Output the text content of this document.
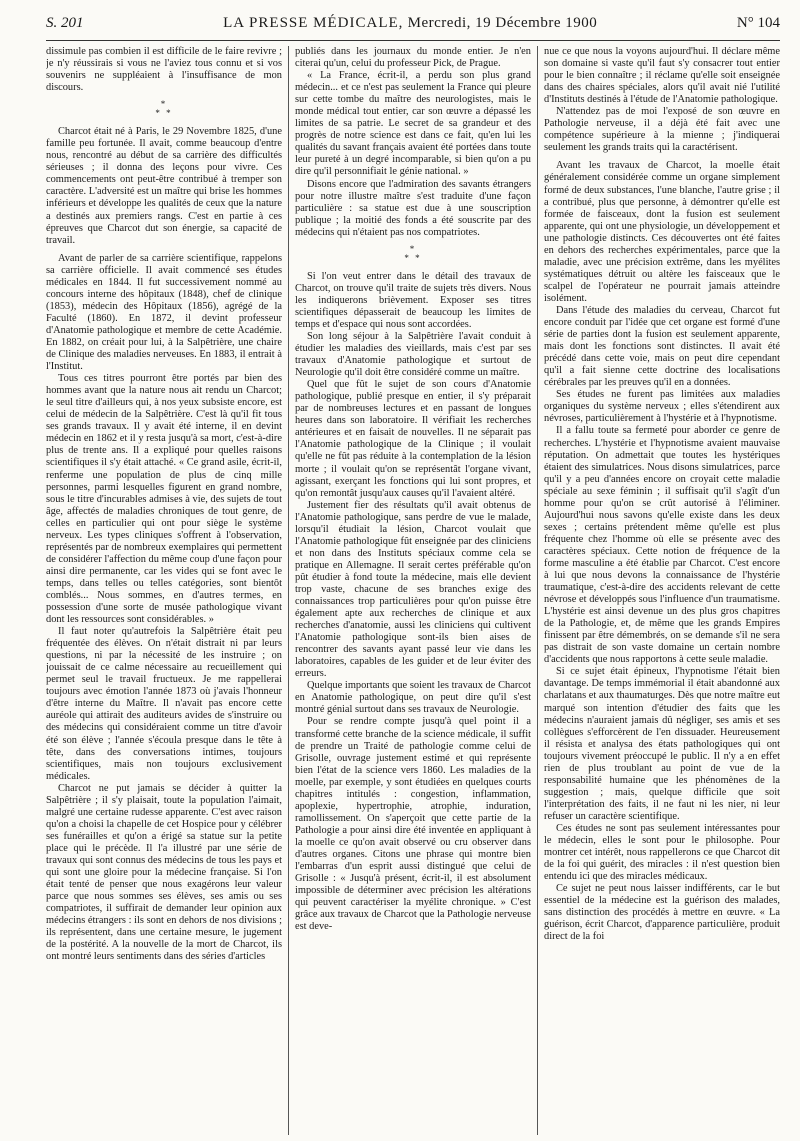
S. 201	LA PRESSE MÉDICALE, Mercredi, 19 Décembre 1900	N° 104

dissimule pas combien il est difficile de le faire revivre ; je n'y réussirais si vous ne l'aviez tous connu et si vos souvenirs ne suppléaient à l'insuffisance de mon discours.

*
* *

Charcot était né à Paris, le 29 Novembre 1825, d'une famille peu fortunée. Il avait, comme beaucoup d'entre nous, rencontré au début de sa carrière des difficultés sérieuses ; il donna des leçons pour vivre. Ces commencements ont peut-être contribué à tremper son caractère. L'adversité est un maître qui brise les hommes inférieurs et développe les qualités de ceux que la nature a destinés aux premiers rangs. C'est en partie à ces épreuves que Charcot dut son énergie, sa capacité de travail.

Avant de parler de sa carrière scientifique, rappelons sa carrière officielle. Il avait commencé ses études médicales en 1844. Il fut successivement nommé au concours interne des hôpitaux (1848), chef de clinique (1853), médecin des Hôpitaux (1856), agrégé de la Faculté (1860). En 1872, il devint professeur d'Anatomie pathologique et membre de cette Académie. En 1882, on créait pour lui, à la Salpêtrière, une chaire de Clinique des maladies nerveuses. En 1883, il entrait à l'Institut.

Tous ces titres pourront être portés par bien des hommes avant que la nature nous ait rendu un Charcot; le seul titre d'ailleurs qui, à nos yeux subsiste encore, est celui de médecin de la Salpêtrière. C'est là qu'il fit tous ses grands travaux. Il y avait été interne, il en devint médecin en 1862 et il y resta jusqu'à sa mort, c'est-à-dire plus de trente ans. Il a expliqué pour quelles raisons scientifiques il s'y était attaché. « Ce grand asile, écrit-il, renferme une population de plus de cinq mille personnes, parmi lesquelles figurent en grand nombre, sous le titre d'incurables admises à vie, des sujets de tout âge, affectés de maladies chroniques de tout genre, de celles en particulier qui ont pour siège le système nerveux. Les types cliniques s'offrent à l'observation, représentés par de nombreux exemplaires qui permettent de considérer l'affection du même coup d'une façon pour ainsi dire permanente, car les vides qui se font avec le temps, dans telles ou telles catégories, sont bientôt comblés... Nous sommes, en d'autres termes, en possession d'une sorte de musée pathologique vivant dont les ressources sont considérables. »

Il faut noter qu'autrefois la Salpêtrière était peu fréquentée des élèves. On n'était distrait ni par leurs questions, ni par la nécessité de les instruire ; on jouissait de ce calme nécessaire au recueillement qui permet seul le travail fructueux. Je me rappellerai toujours avec émotion l'année 1873 où j'avais l'honneur d'être interne du Maître. Il n'avait pas encore cette auréole qui attirait des auditeurs avides de s'instruire ou des médecins qui considéraient comme un titre d'avoir été son élève ; l'année s'écoula presque dans le tête à tête, dans des conversations intimes, toujours scientifiques, mais non toujours exclusivement médicales.

Charcot ne put jamais se décider à quitter la Salpêtrière ; il s'y plaisait, toute la population l'aimait, malgré une certaine rudesse apparente. C'est avec raison qu'on a choisi la chapelle de cet Hospice pour y célébrer ses funérailles et qu'on a érigé sa statue sur la petite place qui le précède. Il l'a illustré par une série de travaux qui sont connus des médecins de tous les pays et qui sont une gloire pour la médecine française. Si l'on était tenté de penser que nous exagérons leur valeur parce que nous sommes ses élèves, ses amis ou ses compatriotes, il suffirait de demander leur opinion aux médecins étrangers : ils sont en dehors de nos divisions ; ils représentent, dans une certaine mesure, le jugement de la postérité. A la nouvelle de la mort de Charcot, ils ont montré leurs sentiments dans des séries d'articles

publiés dans les journaux du monde entier. Je n'en citerai qu'un, celui du professeur Pick, de Prague.

« La France, écrit-il, a perdu son plus grand médecin... et ce n'est pas seulement la France qui pleure sur cette tombe du maître des neurologistes, mais le monde médical tout entier, car son œuvre a dépassé les limites de sa patrie. Le secret de sa grandeur et des progrès de notre science est dans ce fait, qu'en lui les qualités du savant français avaient été portées dans toute leur pureté à un degré incomparable, si bien qu'on a pu dire qu'il personnifiait le génie national. »

Disons encore que l'admiration des savants étrangers pour notre illustre maître s'est traduite d'une façon particulière : sa statue est due à une souscription publique ; la moitié des fonds a été souscrite par des médecins qui n'étaient pas nos compatriotes.

*
* *

Si l'on veut entrer dans le détail des travaux de Charcot, on trouve qu'il traite de sujets très divers. Nous les indiquerons brièvement. Exposer ses titres scientifiques dépasserait de beaucoup les limites de temps et d'espace qui nous sont accordées.

Son long séjour à la Salpêtrière l'avait conduit à étudier les maladies des vieillards, mais c'est par ses travaux d'Anatomie pathologique et surtout de Neurologie qu'il doit être considéré comme un maître.

Quel que fût le sujet de son cours d'Anatomie pathologique, publié presque en entier, il s'y préparait par de nombreuses lectures et en passant de longues heures dans son laboratoire. Il vérifiait les recherches antérieures et en faisait de nouvelles. Il ne séparait pas l'Anatomie pathologique de la Clinique ; il voulait qu'elle ne fût pas réduite à la contemplation de la lésion morte ; il voulait qu'on se représentât l'organe vivant, agissant, exerçant les fonctions qui lui sont propres, et qu'on remontât jusqu'aux causes qu'il l'avaient altéré.

Justement fier des résultats qu'il avait obtenus de l'Anatomie pathologique, sans perdre de vue le malade, lorsqu'il étudiait la lésion, Charcot voulait que l'Anatomie pathologique fût enseignée par des cliniciens et non dans des Instituts spéciaux comme cela se pratique en Allemagne. Il serait certes préférable qu'on pût étudier à fond toute la médecine, mais elle devient trop vaste, chacune de ses branches exige des connaissances trop particulières pour qu'on puisse être également apte aux recherches de clinique et aux recherches d'anatomie, aussi les cliniciens qui cultivent l'Anatomie pathologique sont-ils bien aises de rencontrer des savants ayant passé leur vie dans les laboratoires, capables de les guider et de leur éviter des erreurs.

Quelque importants que soient les travaux de Charcot en Anatomie pathologique, on peut dire qu'il s'est montré génial surtout dans ses travaux de Neurologie.

Pour se rendre compte jusqu'à quel point il a transformé cette branche de la science médicale, il suffit de prendre un Traité de pathologie comme celui de Grisolle, ouvrage justement estimé et qui représente bien l'état de la science vers 1860. Les maladies de la moelle, par exemple, y sont étudiées en quelques courts chapitres intitulés : congestion, inflammation, apoplexie, hypertrophie, atrophie, induration, ramollissement. On s'aperçoit que cette partie de la Pathologie a pour ainsi dire été inventée en appliquant à la moelle ce qu'on avait observé ou cru observer dans d'autres organes. Citons une phrase qui montre bien l'embarras d'un esprit aussi distingué que celui de Grisolle : « Jusqu'à présent, écrit-il, il est absolument impossible de déterminer avec précision les altérations qui peuvent caractériser la myélite chronique. » C'est grâce aux travaux de Charcot que la Pathologie nerveuse est deve-

nue ce que nous la voyons aujourd'hui. Il déclare même son domaine si vaste qu'il faut s'y consacrer tout entier pour le bien connaître ; il réclame qu'elle soit enseignée dans des chaires spéciales, alors qu'il avait nié l'utilité d'Instituts destinés à l'étude de l'Anatomie pathologique.

N'attendez pas de moi l'exposé de son œuvre en Pathologie nerveuse, il a déjà été fait avec une compétence supérieure à la mienne ; j'indiquerai seulement les grands traits qui la caractérisent.

Avant les travaux de Charcot, la moelle était généralement considérée comme un organe simplement formé de deux substances, l'une blanche, l'autre grise ; il a contribué, plus que personne, à démontrer qu'elle est formée de faisceaux, dont la fusion est seulement apparente, qui ont une physiologie, un développement et une pathologie distincts. Ces découvertes ont été faites en dehors des recherches expérimentales, parce que la maladie, avec une précision extrême, dans les myélites systématiques détruit ou altère les faisceaux que le scalpel de l'opérateur ne pourrait jamais atteindre isolément.

Dans l'étude des maladies du cerveau, Charcot fut encore conduit par l'idée que cet organe est formé d'une série de parties dont la fusion est seulement apparente, mais dont les fonctions sont distinctes. Il avait été précédé dans cette voie, mais on peut dire cependant qu'il a fait sienne cette doctrine des localisations cérébrales par les preuves qu'il en a données.

Ses études ne furent pas limitées aux maladies organiques du système nerveux ; elles s'étendirent aux névroses, particulièrement à l'hystérie et à l'hypnotisme.

Il a fallu toute sa fermeté pour aborder ce genre de recherches. L'hystérie et l'hypnotisme avaient mauvaise réputation. On admettait que toutes les hystériques étaient des simulatrices. Nous disons simulatrices, parce qu'il y a peu d'années encore on croyait cette maladie spéciale au sexe féminin ; il suffisait qu'il s'agît d'un homme pour qu'on se crût autorisé à l'éliminer. Aujourd'hui nous savons qu'elle existe dans les deux sexes ; certains prétendent même qu'elle est plus fréquente chez l'homme où elle se présente avec des caractères spéciaux. Cette notion de fréquence de la forme masculine a été établie par Charcot. C'est encore à lui que nous devons la connaissance de l'hystérie traumatique, c'est-à-dire des accidents relevant de cette névrose et développés sous l'influence d'un traumatisme. L'hystérie est ainsi devenue un des plus gros chapitres de la Pathologie, et, de même que les grands Empires finissent par être démembrés, on se demande s'il ne sera pas distrait de son vaste domaine un certain nombre d'accidents que nous rapportons à cette seule maladie.

Si ce sujet était épineux, l'hypnotisme l'était bien davantage. De temps immémorial il était abandonné aux charlatans et aux thaumaturges. Dès que notre maître eut marqué son intention d'étudier des faits que les médecins n'auraient jamais dû négliger, ses amis et ses collègues s'efforcèrent de l'en dissuader. Heureusement il résista et analysa des états pathologiques qui ont toujours vivement préoccupé le public. Il n'y a en effet rien de plus troublant au point de vue de la responsabilité humaine que les phénomènes de la suggestion ; mais, quelque difficile que soit l'interprétation des faits, il ne faut ni les nier, ni leur refuser un caractère scientifique.

Ces études ne sont pas seulement intéressantes pour le médecin, elles le sont pour le philosophe. Pour montrer cet intérêt, nous rappellerons ce que Charcot dit de la foi qui guérit, des miracles : il n'est question bien entendu ici que des miracles médicaux.

Ce sujet ne peut nous laisser indifférents, car le but essentiel de la médecine est la guérison des malades, sans distinction des procédés à mettre en œuvre. « La guérison, écrit Charcot, d'apparence particulière, produit direct de la foi
